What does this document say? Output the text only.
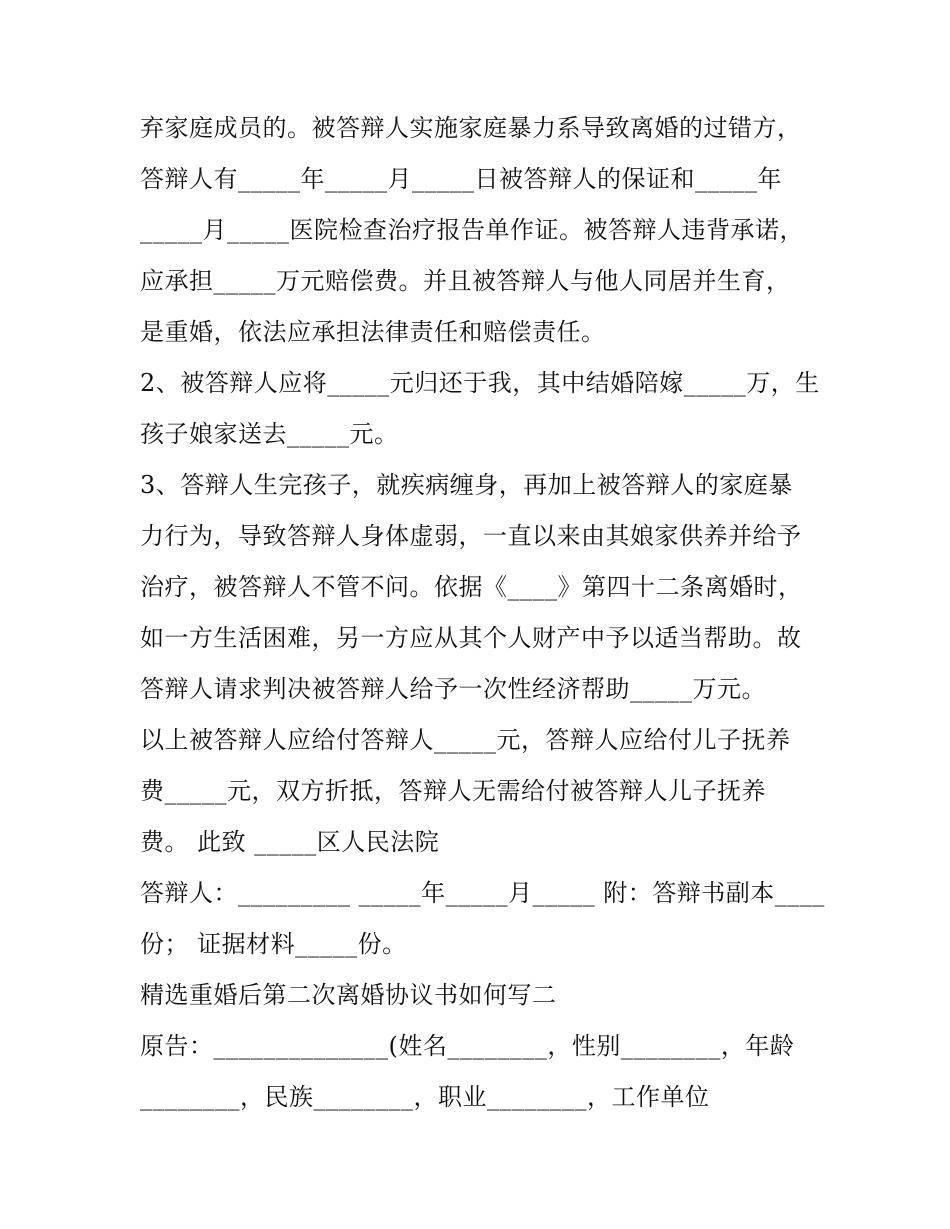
弃家庭成员的。被答辩人实施家庭暴力系导致离婚的过错方，
答辩人有_____年_____月_____日被答辩人的保证和_____年
_____月_____医院检查治疗报告单作证。被答辩人违背承诺，
应承担_____万元赔偿费。并且被答辩人与他人同居并生育，
是重婚，依法应承担法律责任和赔偿责任。
2、被答辩人应将_____元归还于我，其中结婚陪嫁_____万，生
孩子娘家送去_____元。
3、答辩人生完孩子，就疾病缠身，再加上被答辩人的家庭暴
力行为，导致答辩人身体虚弱，一直以来由其娘家供养并给予
治疗，被答辩人不管不问。依据《____》第四十二条离婚时，
如一方生活困难，另一方应从其个人财产中予以适当帮助。故
答辩人请求判决被答辩人给予一次性经济帮助_____万元。
以上被答辩人应给付答辩人_____元，答辩人应给付儿子抚养
费_____元，双方折抵，答辩人无需给付被答辩人儿子抚养
费。 此致 _____区人民法院
答辩人：_________ _____年_____月_____ 附：答辩书副本____
份； 证据材料_____份。
精选重婚后第二次离婚协议书如何写二
原告：______________(姓名________，性别________，年龄
________，民族________，职业________，工作单位
